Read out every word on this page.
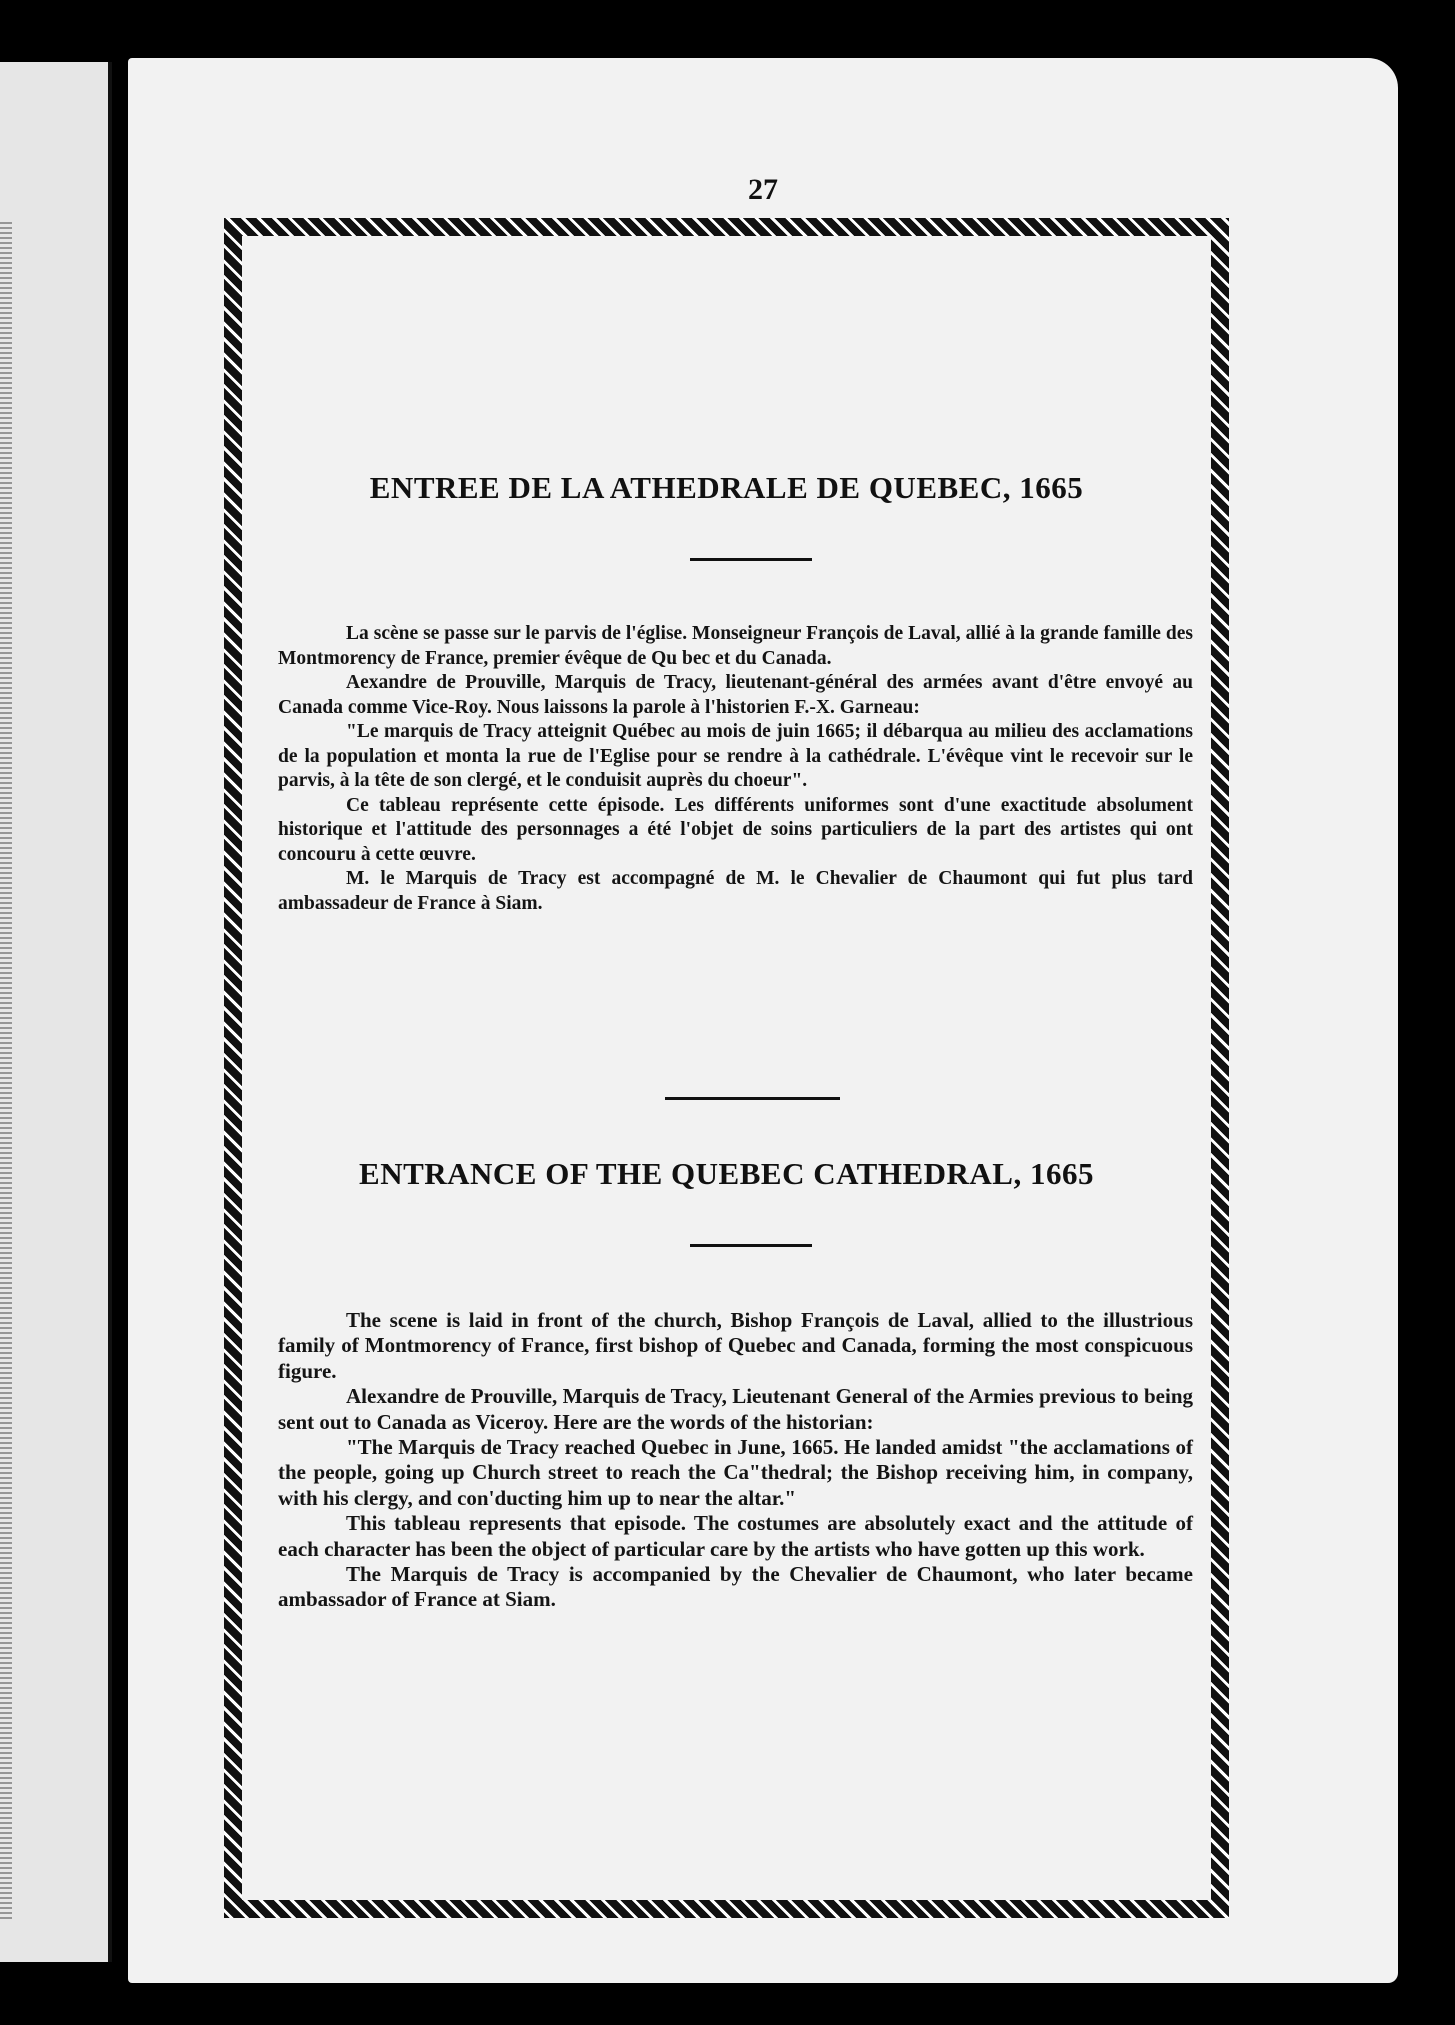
27
ENTREE DE LA ATHEDRALE DE QUEBEC, 1665

La scène se passe sur le parvis de l'église. Monseigneur François de Laval, allié à la grande famille des Montmorency de France, premier évêque de Qu bec et du Canada.

Aexandre de Prouville, Marquis de Tracy, lieutenant-général des armées avant d'être envoyé au Canada comme Vice-Roy. Nous laissons la parole à l'historien F.-X. Garneau:

"Le marquis de Tracy atteignit Québec au mois de juin 1665; il débarqua au milieu des acclamations de la population et monta la rue de l'Eglise pour se rendre à la cathédrale. L'évêque vint le recevoir sur le parvis, à la tête de son clergé, et le conduisit auprès du choeur".

Ce tableau représente cette épisode. Les différents uniformes sont d'une exactitude absolument historique et l'attitude des personnages a été l'objet de soins particuliers de la part des artistes qui ont concouru à cette œuvre.

M. le Marquis de Tracy est accompagné de M. le Chevalier de Chaumont qui fut plus tard ambassadeur de France à Siam.

ENTRANCE OF THE QUEBEC CATHEDRAL, 1665

The scene is laid in front of the church, Bishop François de Laval, allied to the illustrious family of Montmorency of France, first bishop of Quebec and Canada, forming the most conspicuous figure.

Alexandre de Prouville, Marquis de Tracy, Lieutenant General of the Armies previous to being sent out to Canada as Viceroy. Here are the words of the historian:

"The Marquis de Tracy reached Quebec in June, 1665. He landed amidst "the acclamations of the people, going up Church street to reach the Ca"thedral; the Bishop receiving him, in company, with his clergy, and con'ducting him up to near the altar."

This tableau represents that episode. The costumes are absolutely exact and the attitude of each character has been the object of particular care by the artists who have gotten up this work.

The Marquis de Tracy is accompanied by the Chevalier de Chaumont, who later became ambassador of France at Siam.
